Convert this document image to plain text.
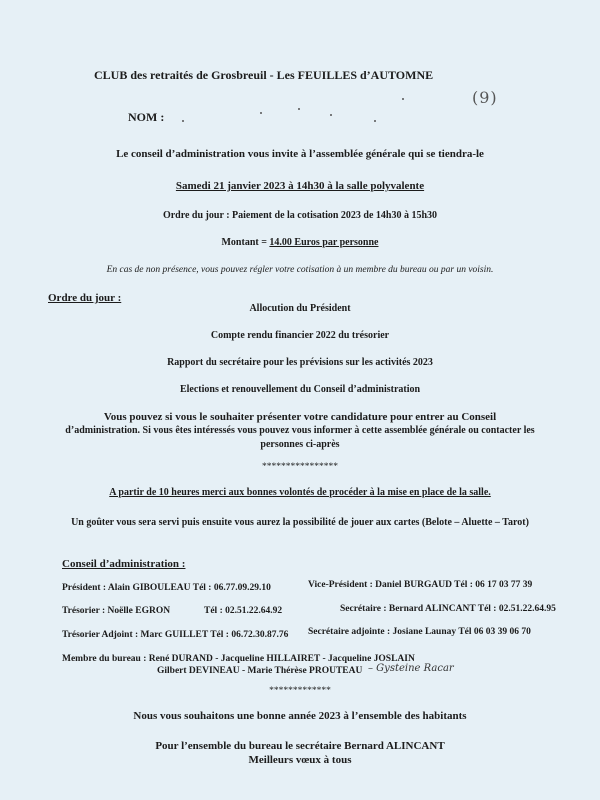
CLUB des retraités de Grosbreuil - Les FEUILLES d’AUTOMNE
NOM :
(9)
Le conseil d’administration vous invite à l’assemblée générale qui se tiendra-le
Samedi 21 janvier 2023 à 14h30 à la salle polyvalente
Ordre du jour : Paiement de la cotisation 2023 de 14h30 à 15h30
Montant = 14.00 Euros par personne
En cas de non présence, vous pouvez régler votre cotisation à un membre du bureau ou par un voisin.
Ordre du jour :
Allocution du Président
Compte rendu financier 2022 du trésorier
Rapport du secrétaire pour les prévisions sur les activités 2023
Elections et renouvellement du Conseil d’administration
Vous pouvez si vous le souhaiter présenter votre candidature pour entrer au Conseil
d’administration. Si vous êtes intéressés vous pouvez vous informer à cette assemblée générale ou contacter les
personnes ci-après
****************
A partir de 10 heures merci aux bonnes volontés de procéder à la mise en place de la salle.
Un goûter vous sera servi puis ensuite vous aurez la possibilité de jouer aux cartes (Belote – Aluette – Tarot)
Conseil d’administration :
Président : Alain GIBOULEAU Tél : 06.77.09.29.10	Vice-Président : Daniel BURGAUD Tél : 06 17 03 77 39
Trésorier : Noëlle EGRON	Tél : 02.51.22.64.92	Secrétaire : Bernard ALINCANT Tél : 02.51.22.64.95
Trésorier Adjoint : Marc GUILLET Tél : 06.72.30.87.76 Secrétaire adjointe : Josiane Launay Tél 06 03 39 06 70
Membre du bureau : René DURAND - Jacqueline HILLAIRET - Jacqueline JOSLAIN
Gilbert DEVINEAU - Marie Thérèse PROUTEAU – Gysteine Racar
*************
Nous vous souhaitons une bonne année 2023 à l’ensemble des habitants
Pour l’ensemble du bureau le secrétaire Bernard ALINCANT
Meilleurs vœux à tous
